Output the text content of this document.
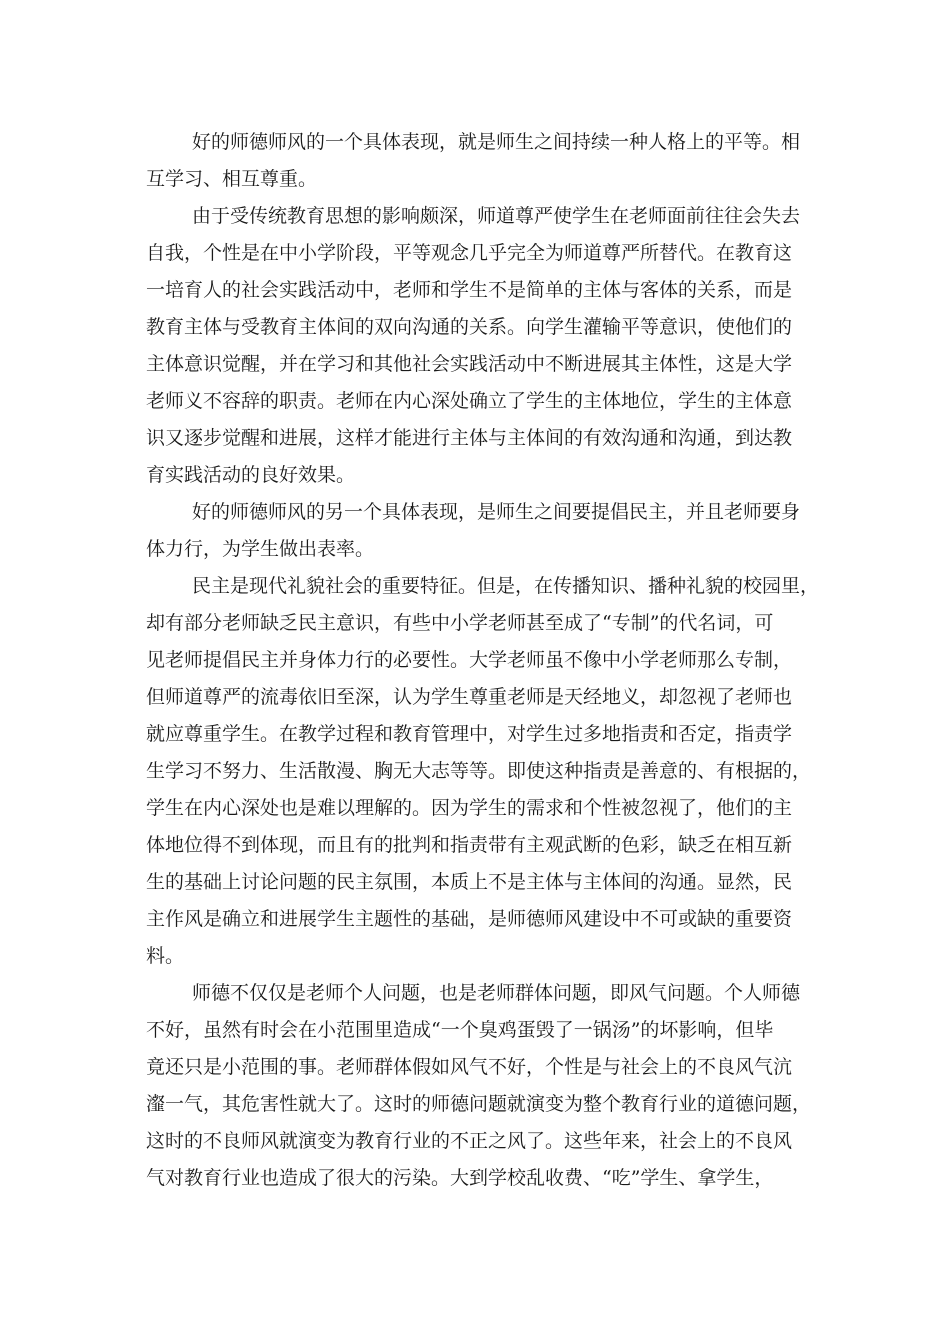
好的师德师风的一个具体表现，就是师生之间持续一种人格上的平等。相
互学习、相互尊重。
由于受传统教育思想的影响颇深，师道尊严使学生在老师面前往往会失去
自我，个性是在中小学阶段，平等观念几乎完全为师道尊严所替代。在教育这
一培育人的社会实践活动中，老师和学生不是简单的主体与客体的关系，而是
教育主体与受教育主体间的双向沟通的关系。向学生灌输平等意识，使他们的
主体意识觉醒，并在学习和其他社会实践活动中不断进展其主体性，这是大学
老师义不容辞的职责。老师在内心深处确立了学生的主体地位，学生的主体意
识又逐步觉醒和进展，这样才能进行主体与主体间的有效沟通和沟通，到达教
育实践活动的良好效果。
好的师德师风的另一个具体表现，是师生之间要提倡民主，并且老师要身
体力行，为学生做出表率。
民主是现代礼貌社会的重要特征。但是，在传播知识、播种礼貌的校园里，
却有部分老师缺乏民主意识，有些中小学老师甚至成了“专制”的代名词，可
见老师提倡民主并身体力行的必要性。大学老师虽不像中小学老师那么专制，
但师道尊严的流毒依旧至深，认为学生尊重老师是天经地义，却忽视了老师也
就应尊重学生。在教学过程和教育管理中，对学生过多地指责和否定，指责学
生学习不努力、生活散漫、胸无大志等等。即使这种指责是善意的、有根据的，
学生在内心深处也是难以理解的。因为学生的需求和个性被忽视了，他们的主
体地位得不到体现，而且有的批判和指责带有主观武断的色彩，缺乏在相互新
生的基础上讨论问题的民主氛围，本质上不是主体与主体间的沟通。显然，民
主作风是确立和进展学生主题性的基础，是师德师风建设中不可或缺的重要资
料。
师德不仅仅是老师个人问题，也是老师群体问题，即风气问题。个人师德
不好，虽然有时会在小范围里造成“一个臭鸡蛋毁了一锅汤”的坏影响，但毕
竟还只是小范围的事。老师群体假如风气不好，个性是与社会上的不良风气沆
瀣一气，其危害性就大了。这时的师德问题就演变为整个教育行业的道德问题，
这时的不良师风就演变为教育行业的不正之风了。这些年来，社会上的不良风
气对教育行业也造成了很大的污染。大到学校乱收费、“吃”学生、拿学生，
